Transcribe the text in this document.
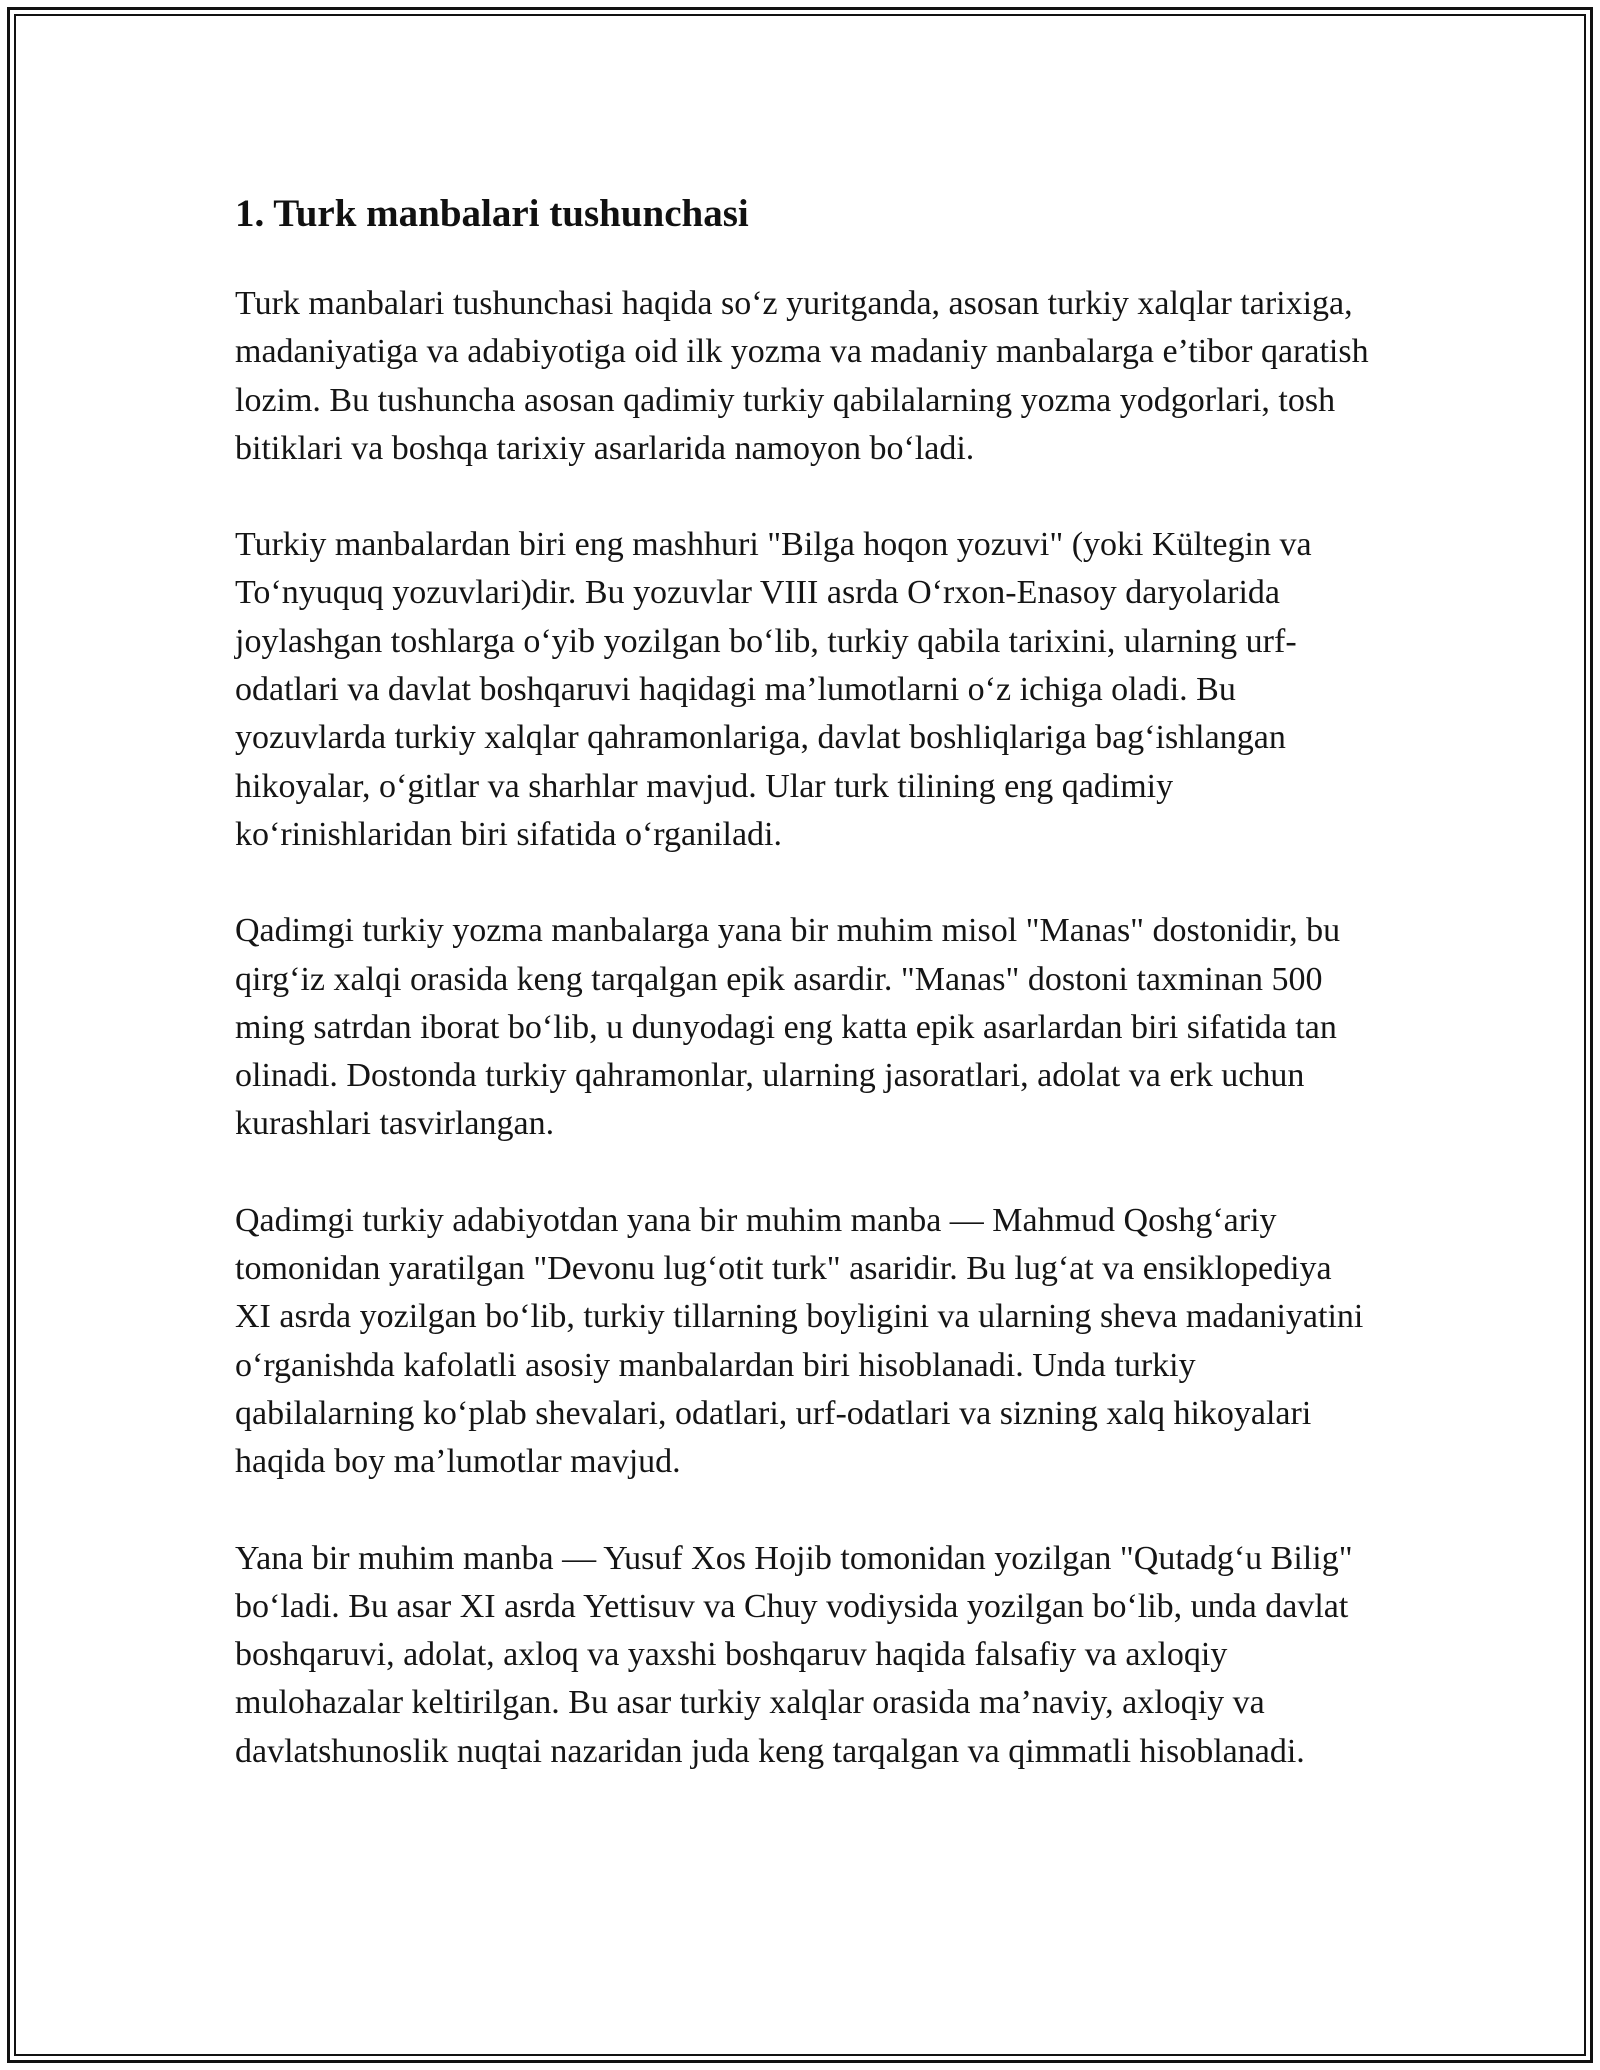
1. Turk manbalari tushunchasi

Turk manbalari tushunchasi haqida so‘z yuritganda, asosan turkiy xalqlar tarixiga, madaniyatiga va adabiyotiga oid ilk yozma va madaniy manbalarga e’tibor qaratish lozim. Bu tushuncha asosan qadimiy turkiy qabilalarning yozma yodgorlari, tosh bitiklari va boshqa tarixiy asarlarida namoyon bo‘ladi.

Turkiy manbalardan biri eng mashhuri "Bilga hoqon yozuvi" (yoki Kültegin va To‘nyuquq yozuvlari)dir. Bu yozuvlar VIII asrda O‘rxon-Enasoy daryolarida joylashgan toshlarga o‘yib yozilgan bo‘lib, turkiy qabila tarixini, ularning urf-odatlari va davlat boshqaruvi haqidagi ma’lumotlarni o‘z ichiga oladi. Bu yozuvlarda turkiy xalqlar qahramonlariga, davlat boshliqlariga bag‘ishlangan hikoyalar, o‘gitlar va sharhlar mavjud. Ular turk tilining eng qadimiy ko‘rinishlaridan biri sifatida o‘rganiladi.

Qadimgi turkiy yozma manbalarga yana bir muhim misol "Manas" dostonidir, bu qirg‘iz xalqi orasida keng tarqalgan epik asardir. "Manas" dostoni taxminan 500 ming satrdan iborat bo‘lib, u dunyodagi eng katta epik asarlardan biri sifatida tan olinadi. Dostonda turkiy qahramonlar, ularning jasoratlari, adolat va erk uchun kurashlari tasvirlangan.

Qadimgi turkiy adabiyotdan yana bir muhim manba — Mahmud Qoshg‘ariy tomonidan yaratilgan "Devonu lug‘otit turk" asaridir. Bu lug‘at va ensiklopediya XI asrda yozilgan bo‘lib, turkiy tillarning boyligini va ularning sheva madaniyatini o‘rganishda kafolatli asosiy manbalardan biri hisoblanadi. Unda turkiy qabilalarning ko‘plab shevalari, odatlari, urf-odatlari va sizning xalq hikoyalari haqida boy ma’lumotlar mavjud.

Yana bir muhim manba — Yusuf Xos Hojib tomonidan yozilgan "Qutadg‘u Bilig" bo‘ladi. Bu asar XI asrda Yettisuv va Chuy vodiysida yozilgan bo‘lib, unda davlat boshqaruvi, adolat, axloq va yaxshi boshqaruv haqida falsafiy va axloqiy mulohazalar keltirilgan. Bu asar turkiy xalqlar orasida ma’naviy, axloqiy va davlatshunoslik nuqtai nazaridan juda keng tarqalgan va qimmatli hisoblanadi.
